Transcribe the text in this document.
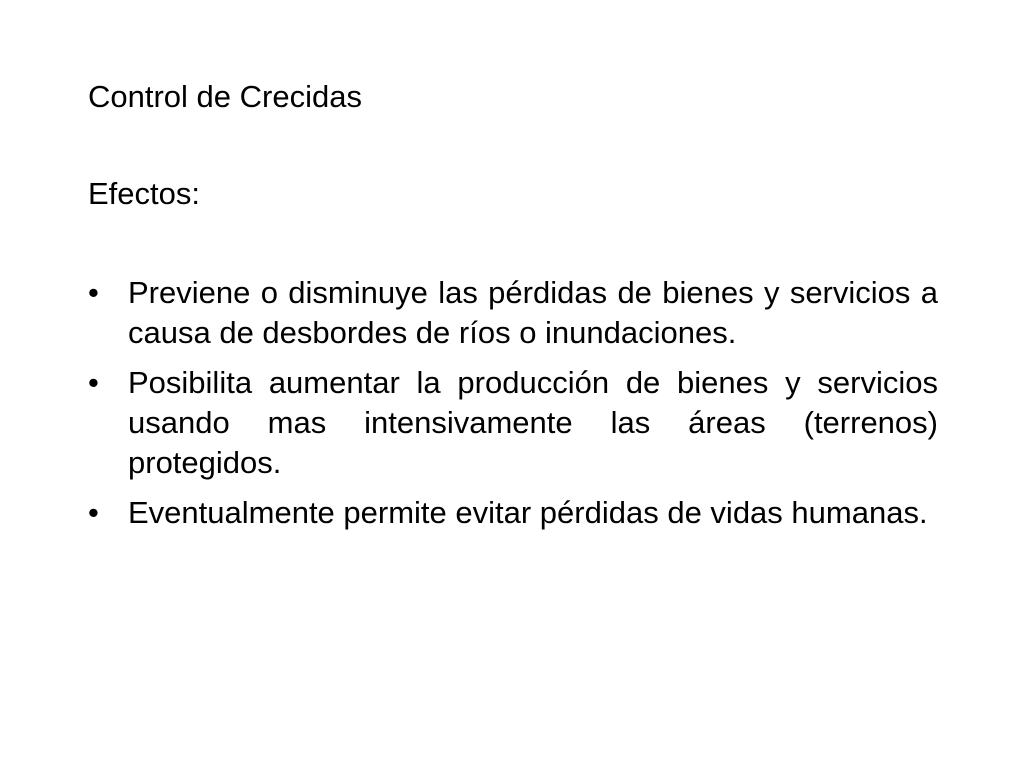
Control de Crecidas
Efectos:
• Previene o disminuye las pérdidas de bienes y servicios a causa de desbordes de ríos o inundaciones.
• Posibilita aumentar la producción de bienes y servicios usando mas intensivamente las áreas (terrenos) protegidos.
• Eventualmente permite evitar pérdidas de vidas humanas.
